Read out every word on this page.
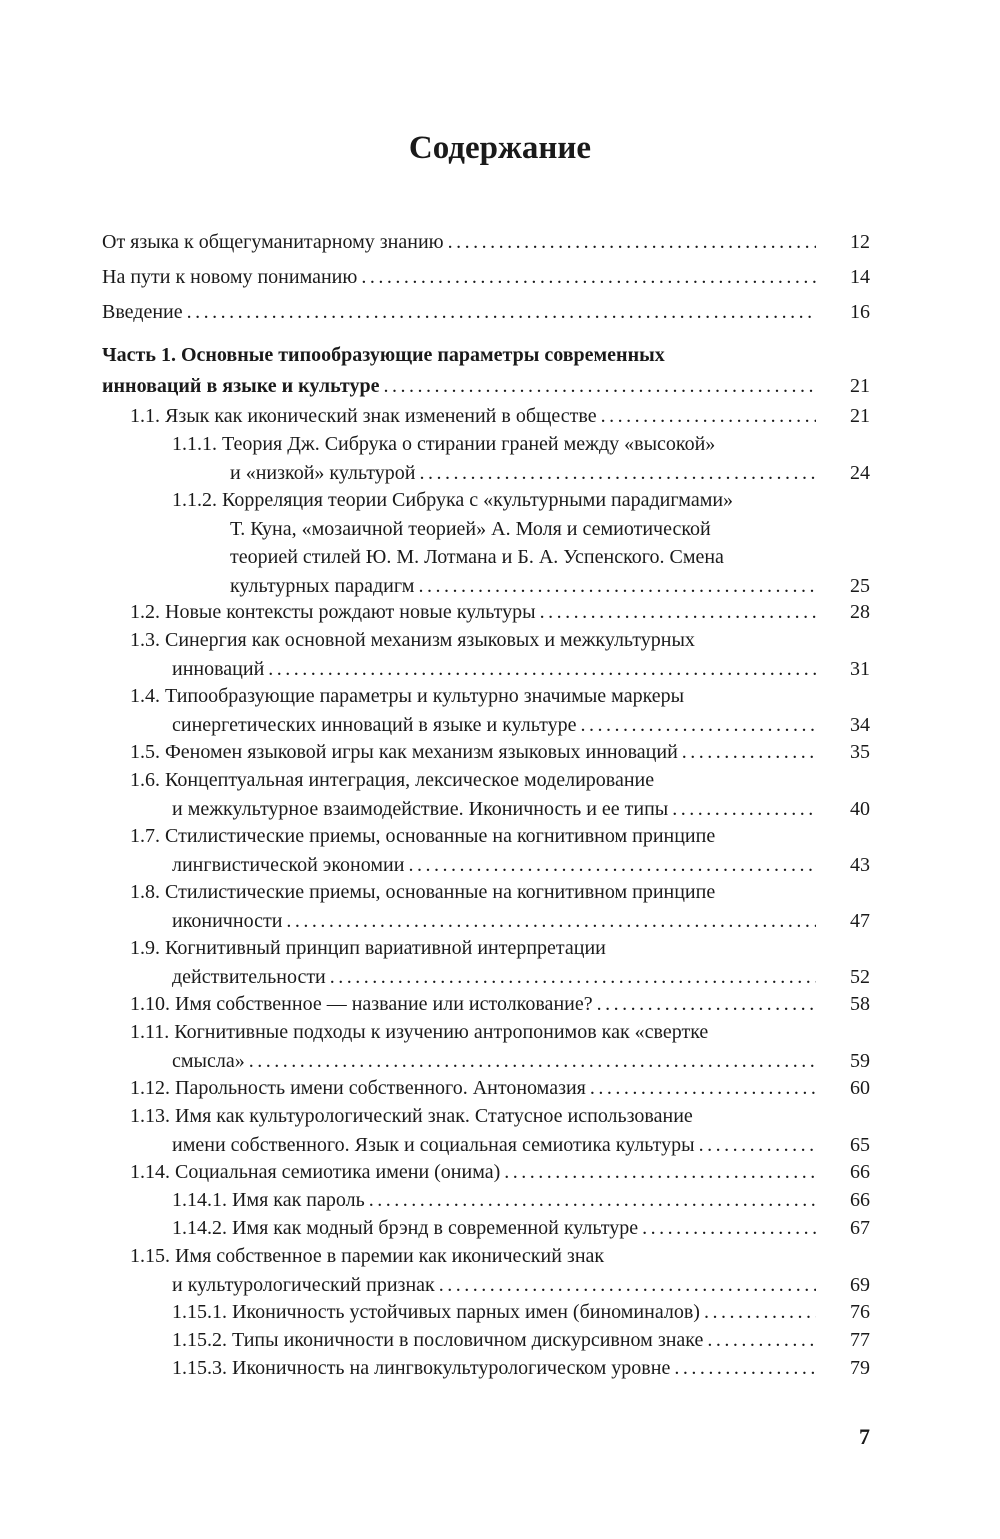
Содержание
От языка к общегуманитарному знанию .....	12
На пути к новому пониманию .....	14
Введение .....	16
Часть 1. Основные типообразующие параметры современных
инноваций в языке и культуре .....	21
1.1. Язык как иконический знак изменений в обществе .....	21
1.1.1. Теория Дж. Сибрука о стирании граней между «высокой»
и «низкой» культурой .....	24
1.1.2. Корреляция теории Сибрука с «культурными парадигмами»
Т. Куна, «мозаичной теорией» А. Моля и семиотической
теорией стилей Ю. М. Лотмана и Б. А. Успенского. Смена
культурных парадигм .....	25
1.2. Новые контексты рождают новые культуры .....	28
1.3. Синергия как основной механизм языковых и межкультурных
инноваций .....	31
1.4. Типообразующие параметры и культурно значимые маркеры
синергетических инноваций в языке и культуре .....	34
1.5. Феномен языковой игры как механизм языковых инноваций .....	35
1.6. Концептуальная интеграция, лексическое моделирование
и межкультурное взаимодействие. Иконичность и ее типы .....	40
1.7. Стилистические приемы, основанные на когнитивном принципе
лингвистической экономии .....	43
1.8. Стилистические приемы, основанные на когнитивном принципе
иконичности .....	47
1.9. Когнитивный принцип вариативной интерпретации
действительности .....	52
1.10. Имя собственное — название или истолкование? .....	58
1.11. Когнитивные подходы к изучению антропонимов как «свертке
смысла» .....	59
1.12. Парольность имени собственного. Антономазия .....	60
1.13. Имя как культурологический знак. Статусное использование
имени собственного. Язык и социальная семиотика культуры .....	65
1.14. Социальная семиотика имени (онима) .....	66
1.14.1. Имя как пароль .....	66
1.14.2. Имя как модный брэнд в современной культуре .....	67
1.15. Имя собственное в паремии как иконический знак
и культурологический признак .....	69
1.15.1. Иконичность устойчивых парных имен (биноминалов) .....	76
1.15.2. Типы иконичности в пословичном дискурсивном знаке .....	77
1.15.3. Иконичность на лингвокультурологическом уровне .....	79
7
